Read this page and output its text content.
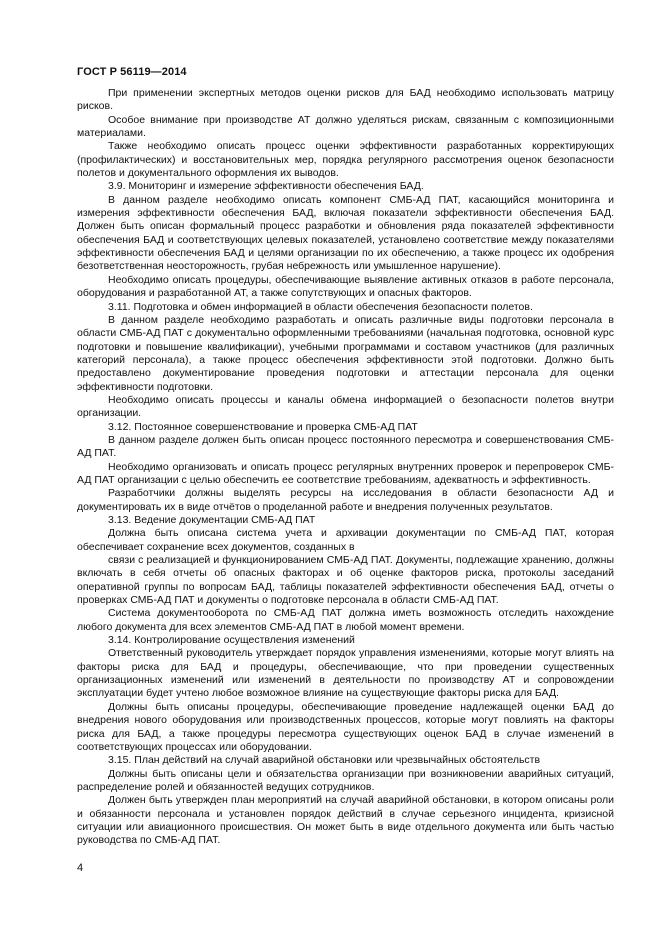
ГОСТ Р 56119—2014

При применении экспертных методов оценки рисков для БАД необходимо использовать матрицу рисков.

Особое внимание при производстве АТ должно уделяться рискам, связанным с композиционными материалами.

Также необходимо описать процесс оценки эффективности разработанных корректирующих (профилактических) и восстановительных мер, порядка регулярного рассмотрения оценок безопасности полетов и документального оформления их выводов.

3.9. Мониторинг и измерение эффективности обеспечения БАД.

В данном разделе необходимо описать компонент СМБ-АД ПАТ, касающийся мониторинга и измерения эффективности обеспечения БАД, включая показатели эффективности обеспечения БАД. Должен быть описан формальный процесс разработки и обновления ряда показателей эффективности обеспечения БАД и соответствующих целевых показателей, установлено соответствие между показателями эффективности обеспечения БАД и целями организации по их обеспечению, а также процесс их одобрения безответственная неосторожность, грубая небрежность или умышленное нарушение).

Необходимо описать процедуры, обеспечивающие выявление активных отказов в работе персонала, оборудования и разработанной АТ, а также сопутствующих и опасных факторов.

3.11. Подготовка и обмен информацией в области обеспечения безопасности полетов.

В данном разделе необходимо разработать и описать различные виды подготовки персонала в области СМБ-АД ПАТ с документально оформленными требованиями (начальная подготовка, основной курс подготовки и повышение квалификации), учебными программами и составом участников (для различных категорий персонала), а также процесс обеспечения эффективности этой подготовки. Должно быть предоставлено документирование проведения подготовки и аттестации персонала для оценки эффективности подготовки.

Необходимо описать процессы и каналы обмена информацией о безопасности полетов внутри организации.

3.12. Постоянное совершенствование и проверка СМБ-АД ПАТ

В данном разделе должен быть описан процесс постоянного пересмотра и совершенствования СМБ-АД ПАТ.

Необходимо организовать и описать процесс регулярных внутренних проверок и перепроверок СМБ-АД ПАТ организации с целью обеспечить ее соответствие требованиям, адекватность и эффективность.

Разработчики должны выделять ресурсы на исследования в области безопасности АД и документировать их в виде отчётов о проделанной работе и внедрения полученных результатов.

3.13. Ведение документации СМБ-АД ПАТ

Должна быть описана система учета и архивации документации по СМБ-АД ПАТ, которая обеспечивает сохранение всех документов, созданных в

связи с реализацией и функционированием СМБ-АД ПАТ. Документы, подлежащие хранению, должны включать в себя отчеты об опасных факторах и об оценке факторов риска, протоколы заседаний оперативной группы по вопросам БАД, таблицы показателей эффективности обеспечения БАД, отчеты о проверках СМБ-АД ПАТ и документы о подготовке персонала в области СМБ-АД ПАТ.

Система документооборота по СМБ-АД ПАТ должна иметь возможность отследить нахождение любого документа для всех элементов СМБ-АД ПАТ в любой момент времени.

3.14. Контролирование осуществления изменений

Ответственный руководитель утверждает порядок управления изменениями, которые могут влиять на факторы риска для БАД и процедуры, обеспечивающие, что при проведении существенных организационных изменений или изменений в деятельности по производству АТ и сопровождении эксплуатации будет учтено любое возможное влияние на существующие факторы риска для БАД.

Должны быть описаны процедуры, обеспечивающие проведение надлежащей оценки БАД до внедрения нового оборудования или производственных процессов, которые могут повлиять на факторы риска для БАД, а также процедуры пересмотра существующих оценок БАД в случае изменений в соответствующих процессах или оборудовании.

3.15. План действий на случай аварийной обстановки или чрезвычайных обстоятельств

Должны быть описаны цели и обязательства организации при возникновении аварийных ситуаций, распределение ролей и обязанностей ведущих сотрудников.

Должен быть утвержден план мероприятий на случай аварийной обстановки, в котором описаны роли и обязанности персонала и установлен порядок действий в случае серьезного инцидента, кризисной ситуации или авиационного происшествия. Он может быть в виде отдельного документа или быть частью руководства по СМБ-АД ПАТ.

4
